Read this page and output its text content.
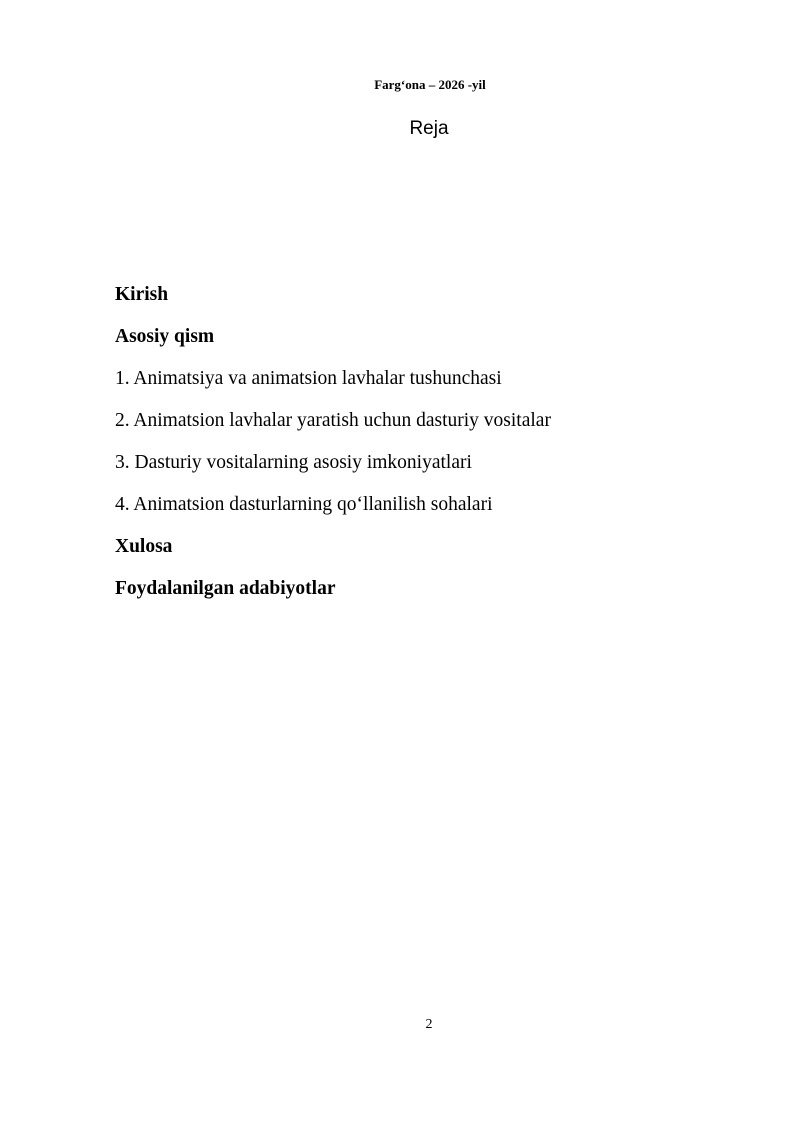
Farg‘ona – 2026 -yil
Reja
Kirish
Asosiy qism
1. Animatsiya va animatsion lavhalar tushunchasi
2. Animatsion lavhalar yaratish uchun dasturiy vositalar
3. Dasturiy vositalarning asosiy imkoniyatlari
4. Animatsion dasturlarning qo‘llanilish sohalari
Xulosa
Foydalanilgan adabiyotlar
2
